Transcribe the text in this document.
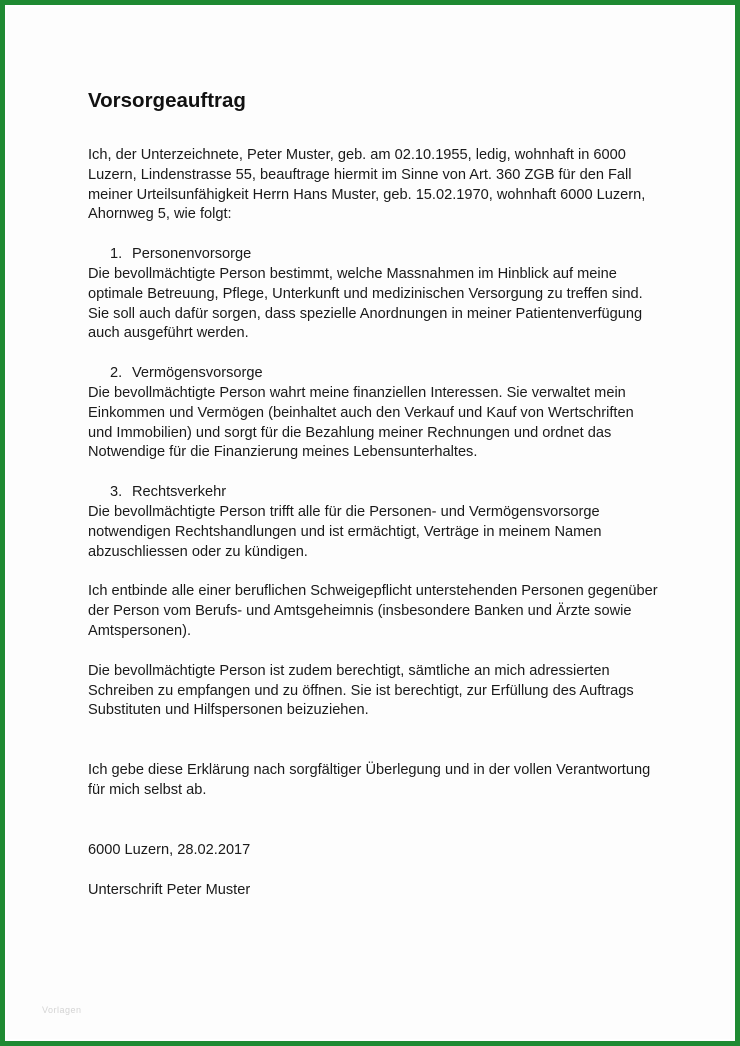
Vorlagen
Vorsorgeauftrag

Ich, der Unterzeichnete, Peter Muster, geb. am 02.10.1955, ledig, wohnhaft in 6000 Luzern, Lindenstrasse 55, beauftrage hiermit im Sinne von Art. 360 ZGB für den Fall meiner Urteilsunfähigkeit Herrn Hans Muster, geb. 15.02.1970, wohnhaft 6000 Luzern, Ahornweg 5, wie folgt:

1. Personenvorsorge

Die bevollmächtigte Person bestimmt, welche Massnahmen im Hinblick auf meine optimale Betreuung, Pflege, Unterkunft und medizinischen Versorgung zu treffen sind. Sie soll auch dafür sorgen, dass spezielle Anordnungen in meiner Patientenverfügung auch ausgeführt werden.

2. Vermögensvorsorge

Die bevollmächtigte Person wahrt meine finanziellen Interessen. Sie verwaltet mein Einkommen und Vermögen (beinhaltet auch den Verkauf und Kauf von Wertschriften und Immobilien) und sorgt für die Bezahlung meiner Rechnungen und ordnet das Notwendige für die Finanzierung meines Lebensunterhaltes.

3. Rechtsverkehr

Die bevollmächtigte Person trifft alle für die Personen- und Vermögensvorsorge notwendigen Rechtshandlungen und ist ermächtigt, Verträge in meinem Namen abzuschliessen oder zu kündigen.

Ich entbinde alle einer beruflichen Schweigepflicht unterstehenden Personen gegenüber der Person vom Berufs- und Amtsgeheimnis (insbesondere Banken und Ärzte sowie Amtspersonen).

Die bevollmächtigte Person ist zudem berechtigt, sämtliche an mich adressierten Schreiben zu empfangen und zu öffnen. Sie ist berechtigt, zur Erfüllung des Auftrags Substituten und Hilfspersonen beizuziehen.

Ich gebe diese Erklärung nach sorgfältiger Überlegung und in der vollen Verantwortung für mich selbst ab.

6000 Luzern, 28.02.2017

Unterschrift Peter Muster
